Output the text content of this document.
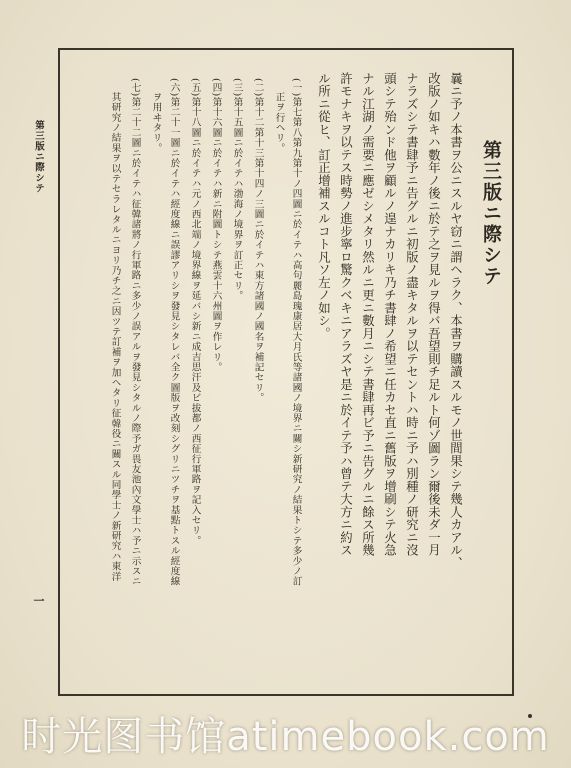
第三版ニ際シテ
一
第三版ニ際シテ
曩ニ予ノ本書ヲ公ニスルヤ窃ニ謂ヘラク、本書ヲ購讀スルモノ世間果シテ幾人カアル、
改版ノ如キハ數年ノ後ニ於テ之ヲ見ルヲ得バ吾望則チ足ルト何ゾ圖ラン爾後未ダ一月
ナラズシテ書肆予ニ告グルニ初版ノ盡キタルヲ以テセントハ時ニ予ハ別種ノ研究ニ沒
頭シテ殆ンド他ヲ顧ルノ遑ナカリキ乃チ書肆ノ希望ニ任カセ直ニ舊版ヲ增刷シテ火急
ナル江湖ノ需要ニ應ゼシメタリ然ルニ更ニ數月ニシテ書肆再ビ予ニ告グルニ餘ス所幾
許モナキヲ以テス時勢ノ進步寧ロ驚クベキニアラズヤ是ニ於イテ予ハ曾テ大方ニ約ス
ル所ニ從ヒ、訂正增補スルコト凡ソ左ノ如シ。
(一)第七第八第九第十ノ四圖ニ於イテハ高句麗島瑰康居大月氏等諸國ノ境界ニ關シ新研究ノ結果トシテ多少ノ訂
正ヲ行ヘリ。
(二)第十二第十三第十四ノ三圖ニ於イテハ東方諸國ノ國名ヲ補記セリ。
(三)第十五圖ニ於イテハ渤海ノ境界ヲ訂正セリ。
(四)第十六圖ニ於イテハ新ニ附圖トシテ燕雲十六州圖ヲ作レリ。
(五)第十八圖ニ於イテハ元ノ西北端ノ境界線ヲ延バシ新ニ成吉思汗及ビ拔都ノ西征行軍路ヲ記入セリ。
(六)第二十一圖ニ於イテハ經度線ニ誤謬アリシヲ發見シタレバ全ク圖版ヲ改刻シグリニツチヲ基點トスル經度線
ヲ用ヰタリ。
(七)第二十二圖ニ於イテハ征韓諸將ノ行軍路ニ多少ノ誤アルヲ發見シタルノ際予ガ畏友池內文學士ハ予ニ示スニ
其研究ノ結果ヲ以テセラレタルニヨリ乃チ之ニ因ツテ訂補ヲ加ヘタリ征韓役ニ關スル同學士ノ新研究ハ東洋
时光图书馆atimebook.com
